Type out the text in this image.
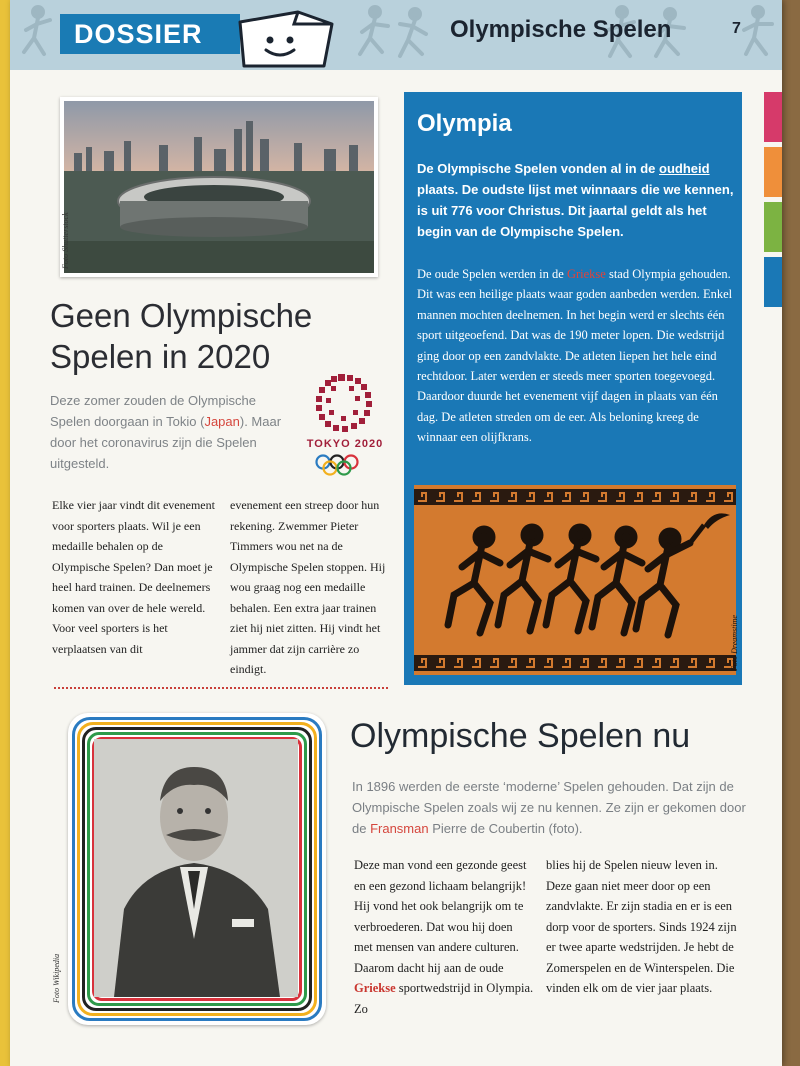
DOSSIER	Olympische Spelen	7
Foto Shutterstock
Geen Olympische
Spelen in 2020
Deze zomer zouden de Olympische Spelen doorgaan in Tokio (Japan). Maar door het coronavirus zijn die Spelen uitgesteld.
TOKYO 2020
Elke vier jaar vindt dit evenement voor sporters plaats. Wil je een medaille behalen op de Olympische Spelen? Dan moet je heel hard trainen. De deelnemers komen van over de hele wereld. Voor veel sporters is het verplaatsen van dit
evenement een streep door hun rekening. Zwemmer Pieter Timmers wou net na de Olympische Spelen stoppen. Hij wou graag nog een medaille behalen. Een extra jaar trainen ziet hij niet zitten. Hij vindt het jammer dat zijn carrière zo eindigt.
Olympia
De Olympische Spelen vonden al in de oudheid plaats. De oudste lijst met winnaars die we kennen, is uit 776 voor Christus. Dit jaartal geldt als het begin van de Olympische Spelen.
De oude Spelen werden in de Griekse stad Olympia gehouden. Dit was een heilige plaats waar goden aanbeden werden. Enkel mannen mochten deelnemen. In het begin werd er slechts één sport uitgeoefend. Dat was de 190 meter lopen. Die wedstrijd ging door op een zandvlakte. De atleten liepen het hele eind rechtdoor. Later werden er steeds meer sporten toegevoegd. Daardoor duurde het evenement vijf dagen in plaats van één dag. De atleten streden om de eer. Als beloning kreeg de winnaar een olijfkrans.
Foto Dreamstime
Foto Wikipedia
Olympische Spelen nu
In 1896 werden de eerste ‘moderne’ Spelen gehouden. Dat zijn de Olympische Spelen zoals wij ze nu kennen. Ze zijn er gekomen door de Fransman Pierre de Coubertin (foto).
Deze man vond een gezonde geest en een gezond lichaam belangrijk! Hij vond het ook belangrijk om te verbroederen. Dat wou hij doen met mensen van andere culturen. Daarom dacht hij aan de oude Griekse sportwedstrijd in Olympia. Zo
blies hij de Spelen nieuw leven in. Deze gaan niet meer door op een zandvlakte. Er zijn stadia en er is een dorp voor de sporters. Sinds 1924 zijn er twee aparte wedstrijden. Je hebt de Zomerspelen en de Winterspelen. Die vinden elk om de vier jaar plaats.
